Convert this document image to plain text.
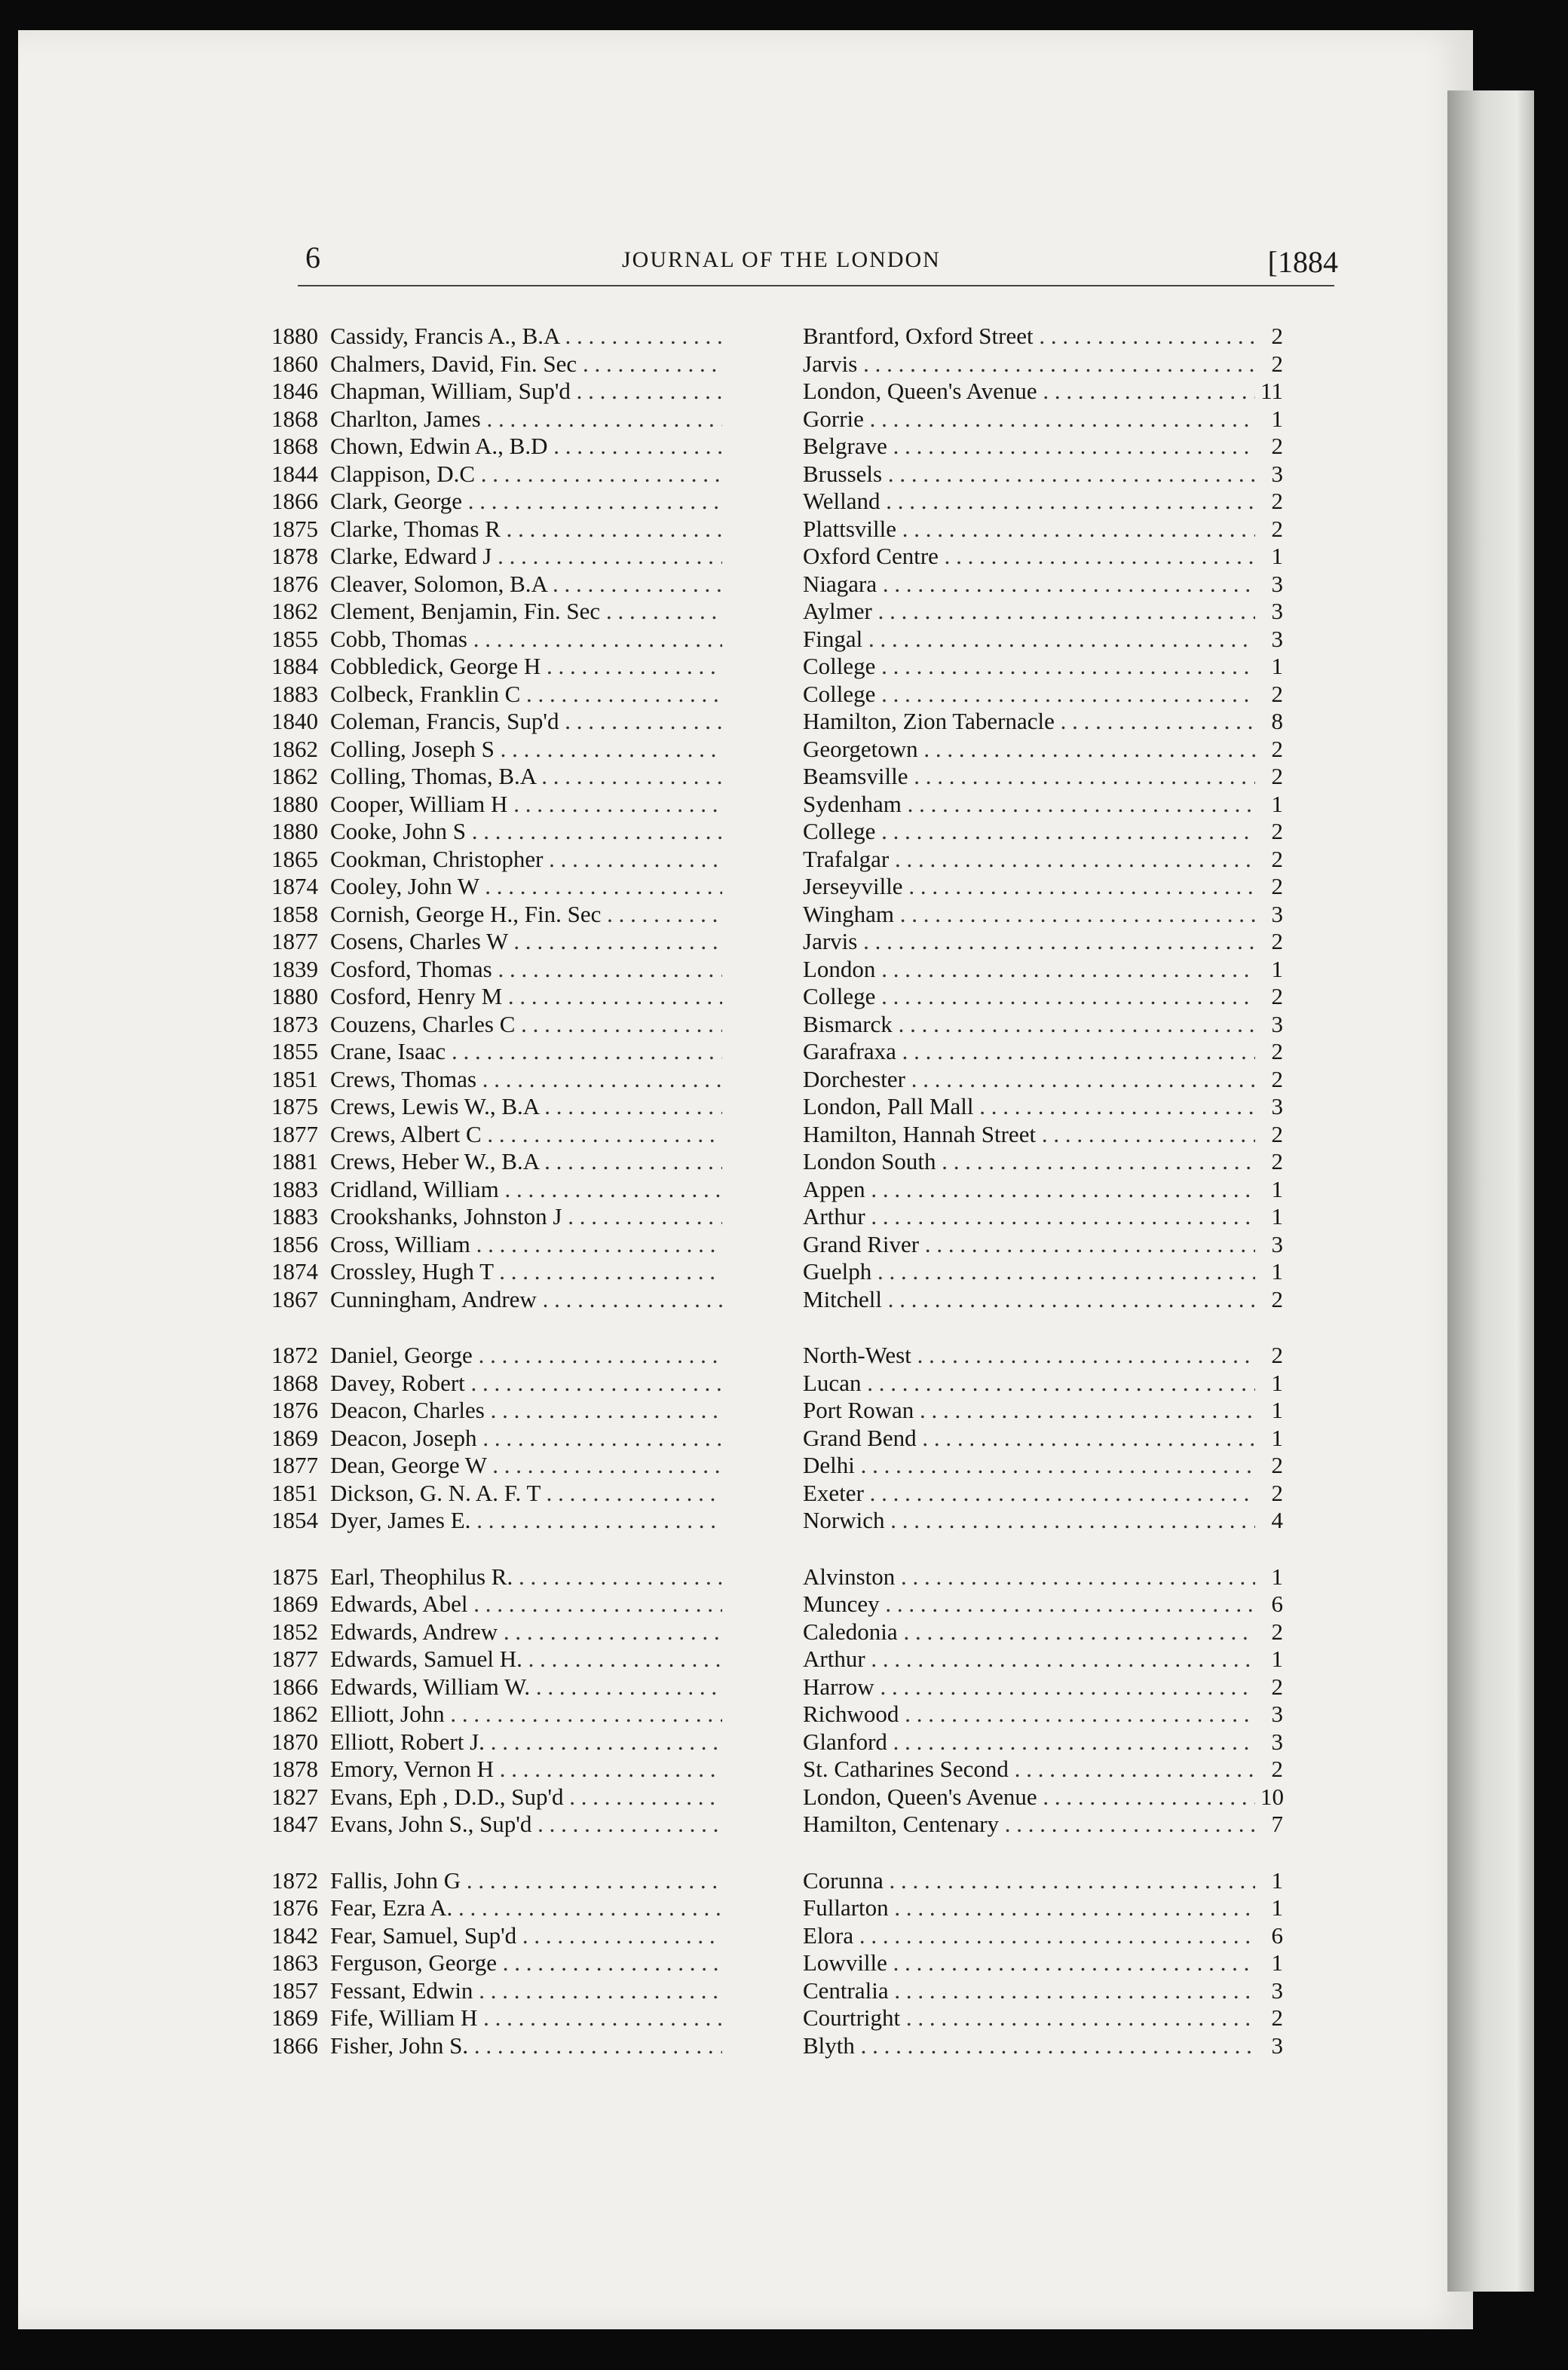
6	JOURNAL OF THE LONDON	[1884
1880 Cassidy, Francis A., B.A . . .	Brantford, Oxford Street . . .	2
1860 Chalmers, David, Fin. Sec . . .	Jarvis . . .	2
1846 Chapman, William, Sup'd . . .	London, Queen's Avenue . . .	11
1868 Charlton, James . . .	Gorrie . . .	1
1868 Chown, Edwin A., B.D . . .	Belgrave . . .	2
1844 Clappison, D.C . . .	Brussels . . .	3
1866 Clark, George . . .	Welland . . .	2
1875 Clarke, Thomas R . . .	Plattsville . . .	2
1878 Clarke, Edward J . . .	Oxford Centre . . .	1
1876 Cleaver, Solomon, B.A . . .	Niagara . . .	3
1862 Clement, Benjamin, Fin. Sec . . .	Aylmer . . .	3
1855 Cobb, Thomas . . .	Fingal . . .	3
1884 Cobbledick, George H . . .	College . . .	1
1883 Colbeck, Franklin C . . .	College . . .	2
1840 Coleman, Francis, Sup'd . . .	Hamilton, Zion Tabernacle . . .	8
1862 Colling, Joseph S . . .	Georgetown . . .	2
1862 Colling, Thomas, B.A . . .	Beamsville . . .	2
1880 Cooper, William H . . .	Sydenham . . .	1
1880 Cooke, John S . . .	College . . .	2
1865 Cookman, Christopher . . .	Trafalgar . . .	2
1874 Cooley, John W . . .	Jerseyville . . .	2
1858 Cornish, George H., Fin. Sec . . .	Wingham . . .	3
1877 Cosens, Charles W . . .	Jarvis . . .	2
1839 Cosford, Thomas . . .	London . . .	1
1880 Cosford, Henry M . . .	College . . .	2
1873 Couzens, Charles C . . .	Bismarck . . .	3
1855 Crane, Isaac . . .	Garafraxa . . .	2
1851 Crews, Thomas . . .	Dorchester . . .	2
1875 Crews, Lewis W., B.A . . .	London, Pall Mall . . .	3
1877 Crews, Albert C . . .	Hamilton, Hannah Street . . .	2
1881 Crews, Heber W., B.A . . .	London South . . .	2
1883 Cridland, William . . .	Appen . . .	1
1883 Crookshanks, Johnston J . . .	Arthur . . .	1
1856 Cross, William . . .	Grand River . . .	3
1874 Crossley, Hugh T . . .	Guelph . . .	1
1867 Cunningham, Andrew . . .	Mitchell . . .	2
1872 Daniel, George . . .	North-West . . .	2
1868 Davey, Robert . . .	Lucan . . .	1
1876 Deacon, Charles . . .	Port Rowan . . .	1
1869 Deacon, Joseph . . .	Grand Bend . . .	1
1877 Dean, George W . . .	Delhi . . .	2
1851 Dickson, G. N. A. F. T . . .	Exeter . . .	2
1854 Dyer, James E. . . .	Norwich . . .	4
1875 Earl, Theophilus R. . . .	Alvinston . . .	1
1869 Edwards, Abel . . .	Muncey . . .	6
1852 Edwards, Andrew . . .	Caledonia . . .	2
1877 Edwards, Samuel H. . . .	Arthur . . .	1
1866 Edwards, William W. . . .	Harrow . . .	2
1862 Elliott, John . . .	Richwood . . .	3
1870 Elliott, Robert J. . . .	Glanford . . .	3
1878 Emory, Vernon H . . .	St. Catharines Second . . .	2
1827 Evans, Eph , D.D., Sup'd . . .	London, Queen's Avenue . . .	10
1847 Evans, John S., Sup'd . . .	Hamilton, Centenary . . .	7
1872 Fallis, John G . . .	Corunna . . .	1
1876 Fear, Ezra A. . . .	Fullarton . . .	1
1842 Fear, Samuel, Sup'd . . .	Elora . . .	6
1863 Ferguson, George . . .	Lowville . . .	1
1857 Fessant, Edwin . . .	Centralia . . .	3
1869 Fife, William H . . .	Courtright . . .	2
1866 Fisher, John S. . . .	Blyth . . .	3
